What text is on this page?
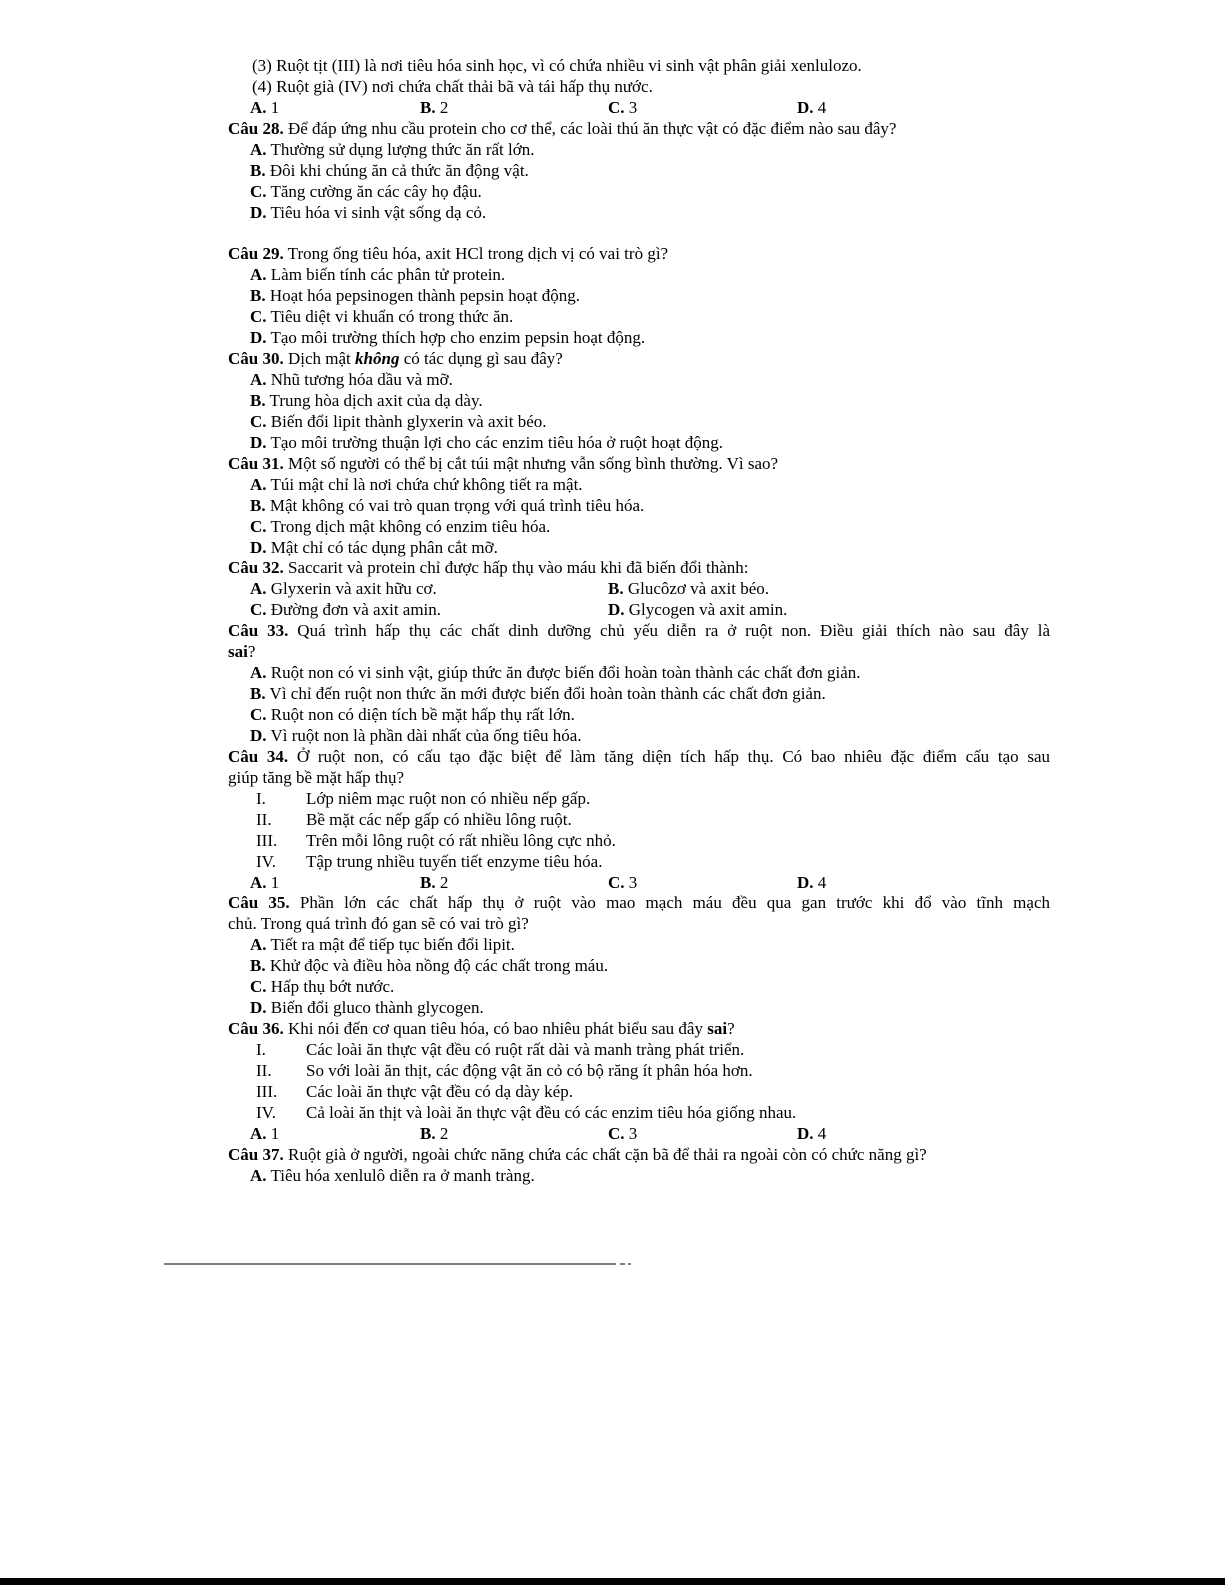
(3) Ruột tịt (III) là nơi tiêu hóa sinh học, vì có chứa nhiều vi sinh vật phân giải xenlulozo.
(4) Ruột già (IV) nơi chứa chất thải bã và tái hấp thụ nước.
A. 1	B. 2	C. 3	D. 4
Câu 28. Để đáp ứng nhu cầu protein cho cơ thể, các loài thú ăn thực vật có đặc điểm nào sau đây?
A. Thường sử dụng lượng thức ăn rất lớn.
B. Đôi khi chúng ăn cả thức ăn động vật.
C. Tăng cường ăn các cây họ đậu.
D. Tiêu hóa vi sinh vật sống dạ cỏ.
Câu 29. Trong ống tiêu hóa, axit HCl trong dịch vị có vai trò gì?
A. Làm biến tính các phân tử protein.
B. Hoạt hóa pepsinogen thành pepsin hoạt động.
C. Tiêu diệt vi khuẩn có trong thức ăn.
D. Tạo môi trường thích hợp cho enzim pepsin hoạt động.
Câu 30. Dịch mật không có tác dụng gì sau đây?
A. Nhũ tương hóa dầu và mỡ.
B. Trung hòa dịch axit của dạ dày.
C. Biến đổi lipit thành glyxerin và axit béo.
D. Tạo môi trường thuận lợi cho các enzim tiêu hóa ở ruột hoạt động.
Câu 31. Một số người có thể bị cắt túi mật nhưng vẫn sống bình thường. Vì sao?
A. Túi mật chỉ là nơi chứa chứ không tiết ra mật.
B. Mật không có vai trò quan trọng với quá trình tiêu hóa.
C. Trong dịch mật không có enzim tiêu hóa.
D. Mật chỉ có tác dụng phân cắt mỡ.
Câu 32. Saccarit và protein chỉ được hấp thụ vào máu khi đã biến đổi thành:
A. Glyxerin và axit hữu cơ.	B. Glucôzơ và axit béo.
C. Đường đơn và axit amin.	D. Glycogen và axit amin.
Câu 33. Quá trình hấp thụ các chất dinh dưỡng chủ yếu diễn ra ở ruột non. Điều giải thích nào sau đây là
sai?
A. Ruột non có vi sinh vật, giúp thức ăn được biến đổi hoàn toàn thành các chất đơn giản.
B. Vì chỉ đến ruột non thức ăn mới được biến đổi hoàn toàn thành các chất đơn giản.
C. Ruột non có diện tích bề mặt hấp thụ rất lớn.
D. Vì ruột non là phần dài nhất của ống tiêu hóa.
Câu 34. Ở ruột non, có cấu tạo đặc biệt để làm tăng diện tích hấp thụ. Có bao nhiêu đặc điểm cấu tạo sau
giúp tăng bề mặt hấp thụ?
I. Lớp niêm mạc ruột non có nhiều nếp gấp.
II. Bề mặt các nếp gấp có nhiều lông ruột.
III. Trên mỗi lông ruột có rất nhiều lông cực nhỏ.
IV. Tập trung nhiều tuyến tiết enzyme tiêu hóa.
A. 1	B. 2	C. 3	D. 4
Câu 35. Phần lớn các chất hấp thụ ở ruột vào mao mạch máu đều qua gan trước khi đổ vào tĩnh mạch
chủ. Trong quá trình đó gan sẽ có vai trò gì?
A. Tiết ra mật để tiếp tục biến đổi lipit.
B. Khử độc và điều hòa nồng độ các chất trong máu.
C. Hấp thụ bớt nước.
D. Biến đổi gluco thành glycogen.
Câu 36. Khi nói đến cơ quan tiêu hóa, có bao nhiêu phát biểu sau đây sai?
I. Các loài ăn thực vật đều có ruột rất dài và manh tràng phát triển.
II. So với loài ăn thịt, các động vật ăn cỏ có bộ răng ít phân hóa hơn.
III. Các loài ăn thực vật đều có dạ dày kép.
IV. Cả loài ăn thịt và loài ăn thực vật đều có các enzim tiêu hóa giống nhau.
A. 1	B. 2	C. 3	D. 4
Câu 37. Ruột già ở người, ngoài chức năng chứa các chất cặn bã để thải ra ngoài còn có chức năng gì?
A. Tiêu hóa xenlulô diễn ra ở manh tràng.
